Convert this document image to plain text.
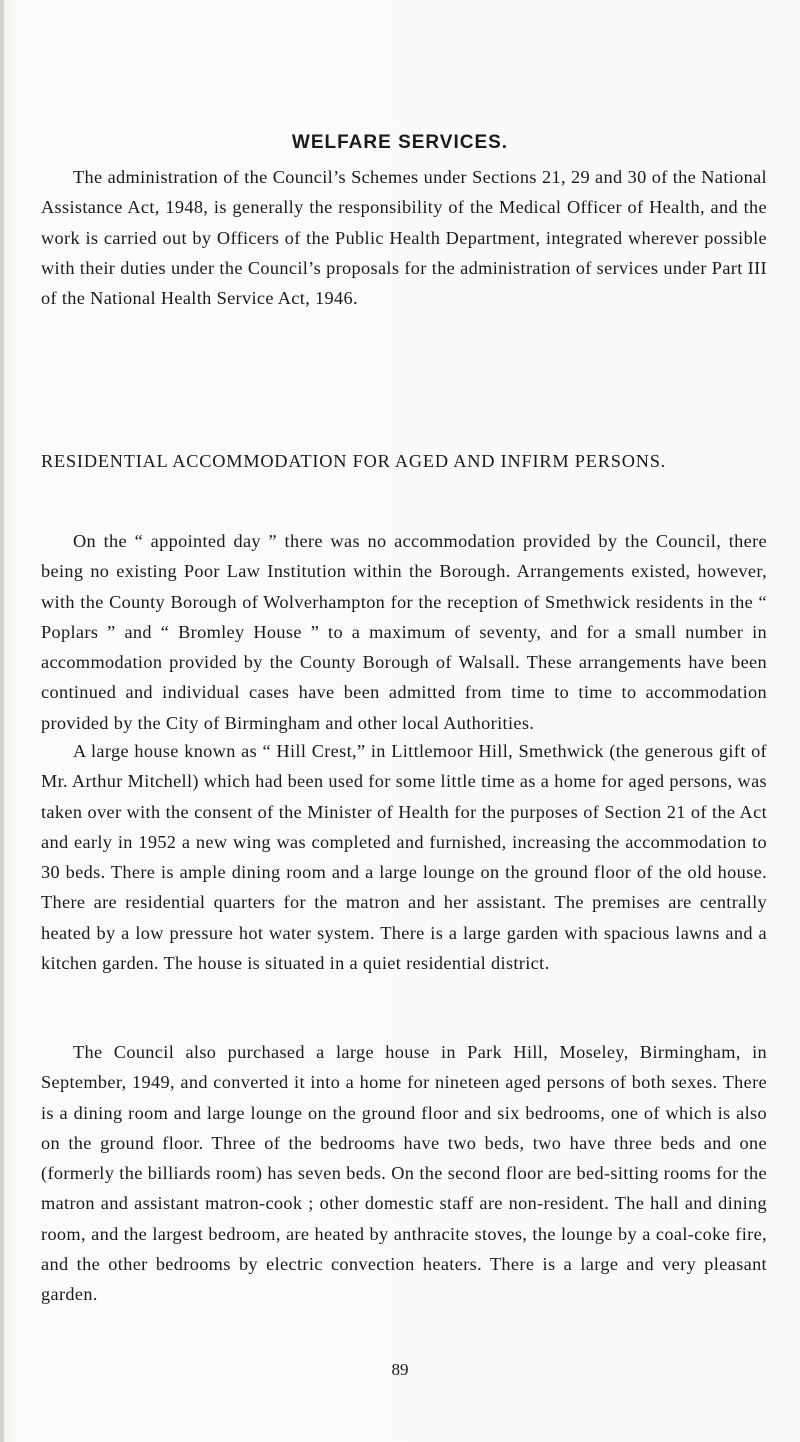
WELFARE SERVICES.

The administration of the Council’s Schemes under Sections 21, 29 and 30 of the National Assistance Act, 1948, is generally the responsibility of the Medical Officer of Health, and the work is carried out by Officers of the Public Health Department, integrated wherever possible with their duties under the Council’s proposals for the administration of services under Part III of the National Health Service Act, 1946.

RESIDENTIAL ACCOMMODATION FOR AGED AND INFIRM PERSONS.

On the “ appointed day ” there was no accommodation provided by the Council, there being no existing Poor Law Institution within the Borough. Arrangements existed, however, with the County Borough of Wolverhampton for the reception of Smethwick residents in the “ Poplars ” and “ Bromley House ” to a maximum of seventy, and for a small number in accommodation provided by the County Borough of Walsall. These arrangements have been continued and individual cases have been admitted from time to time to accommodation provided by the City of Birmingham and other local Authorities.

A large house known as “ Hill Crest,” in Littlemoor Hill, Smethwick (the generous gift of Mr. Arthur Mitchell) which had been used for some little time as a home for aged persons, was taken over with the consent of the Minister of Health for the purposes of Section 21 of the Act and early in 1952 a new wing was completed and furnished, increasing the accommodation to 30 beds. There is ample dining room and a large lounge on the ground floor of the old house. There are residential quarters for the matron and her assistant. The premises are centrally heated by a low pressure hot water system. There is a large garden with spacious lawns and a kitchen garden. The house is situated in a quiet residential district.

The Council also purchased a large house in Park Hill, Moseley, Birmingham, in September, 1949, and converted it into a home for nineteen aged persons of both sexes. There is a dining room and large lounge on the ground floor and six bedrooms, one of which is also on the ground floor. Three of the bedrooms have two beds, two have three beds and one (formerly the billiards room) has seven beds. On the second floor are bed-sitting rooms for the matron and assistant matron-cook ; other domestic staff are non-resident. The hall and dining room, and the largest bedroom, are heated by anthracite stoves, the lounge by a coal-coke fire, and the other bedrooms by electric convection heaters. There is a large and very pleasant garden.

89
